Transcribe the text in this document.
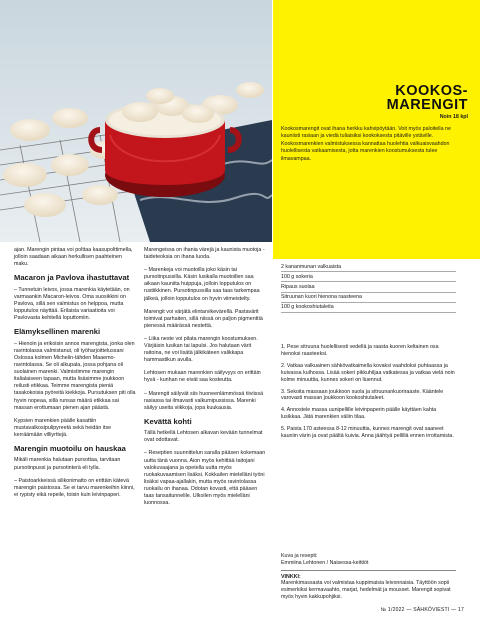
KOOKOS-
MARENGIT
Noin 18 kpl
Kookosmarengit ovat ihana herkku kahvipöytään. Voit myös paloitella ne kauniisti rasiaan ja viedä tuliaisiksi kookoksesta pitäville ystäville. Kookosmarenkien valmistuksessa kannattaa huolehtia valkuaisvaahdon huolellisesta vatkaamisesta, jotta marenkien koostumuksesta tulee ilmavampaa.
2 kananmunan valkuaista
100 g sokeria
Ripaus suolaa
Sitruunan kuori hienona raasteena
100 g kookoshiutaleita
1. Pese sitruuna huolellisesti vedellä ja raasta kuoren keltainen osa hienoksi raasteeksi.
2. Vatkaa valkuainen sähkövatkaimella kovaksi vaahdoksi puhtaassa ja kuivassa kulhossa. Lisää sokeri pikkuhiljaa vatkatessa ja vatkaa vielä noin kolme minuuttia, kunnes sokeri on liuennut.
3. Sekoita massaan joukkoon suola ja sitruunankuoriraaste. Kääntele varovasti massan joukkoon kookoshiutaleet.
4. Annostele massa uunipellille leivinpaperin päälle käyttäen kahta lusikkaa. Jätä marenkien väliin tilaa.
5. Paista 170 asteessa 8-12 minuuttia, kunnes marengit ovat saaneet kauniin värin ja ovat päältä kuivia. Anna jäähtyä pellillä ennen irrottamista.
Kuva ja resepti:
Emmiina Lehtonen / Naisessa-keittiöt
VINKKI:
Marenkimassasta voi valmistaa kuppimaisia leivonnaisia. Täyttöön sopii esimerkiksi kermavaahto, marjat, hedelmät ja mousset. Marengit sopivat myös hyvin kakkupohjiksi.

ajan. Marengin pintaa voi polttaa kaasupolttimella, jolloin saadaan aikaan herkullisen paahteinen maku.

Macaron ja Pavlova ihastuttavat

– Tunnetuin leivos, jossa marenkia käytetään, on varmaankin Macaron-leivos. Oma suosikkini on Pavlova, sillä sen valmistus on helppoa, mutta lopputulos näyttää. Erilaisia variaatioita voi Pavlovasta kehitellä loputtomiin.

Elämyksellinen marenki

– Hienoin ja erikoisin annos marengista, jonka olen ravintolassa valmistanut, oli työharjoittelussani Oslossa kolmen Michelin-tähden Maaemo-ravintolassa. Se oli alkupala, jossa pohjana oli suolainen marenki. Valmistimme marengin italialaiseen tapaan, mutta lisäsimme joukkoon reilusti etikkaa. Teimme marengista pieniä tasakokoisia pyöreitä kiekkoja. Pursutuksen piti olla hyvin nopeaa, sillä runsas määrä etikkaa sai massan erottumaan pienen ajan päästä.

Kypsien marenkien päälle kasattiin mustavalkosipulipyreetä sekä heidän itse kerräämään villiyrttejä.

Marengin muotoilu on hauskaa

Mikäli marenkia halutaan pursottaa, tarvitaan pursotinpussi ja pursotinterä eli tylla.

– Paistoarkkeissä silikonimatto on erittäin kätevä marengin paistossa. Se ei tarvu marenkeihin kiinni, ei rypisty eikä repeile, toisin kuin leivinpaperi.

Marengeissa on ihania värejä ja kaunista muotoja - taideteoksia on ihana luoda.

– Marenkeja voi muotoilla joko käsin tai pursotinpussilla. Käsin lusikalla muotoillen saa aikaan kauniita huippuja, jolloin lopputulos on rustiikkinen. Pursotinpussilla saa taas tarkempaa jälkeä, jolloin lopputulos on hyvin viimeistelty.

Marengit voi värjätä elintarvikevärellä. Pastavärit toimivat parhaiten, sillä niissä on paljon pigmenttiä pienessä määrässä nestettä.

– Liika neste voi pilata marengin koostumuksen. Värjäisin lusikan tai lapulsi. Jos halutaan värit raitoina, ne voi lisätä jälkikäteen valikkapa hammastikun avulla.

Lehtosen mukaan marenkien säilyvyys on erittäin hyvä - kunhan ne eivät saa kosteutta.

– Marengit säilyvät siis huoneenlämmössä tiiviissä rasiassa tai ilmavasti valkumipussissa. Marenki säilyy useita viikkoja, jopa kuukausia.

Kevättä kohti

Tällä hetkellä Lehtosen alkavan kevään tunnelmat ovat odottavat.

– Reseptien suunnittelun saralla pääsen kokemaan uutta tänä vuonna. Aion myös kehittää taitojani valokuvaajana ja opetella uutta myös ruokakuvaamisen lisäksi. Kokkailen mielelläni työni lisäksi vapaa-ajallakin, mutta myös ravintolassa ruokailu on ihanaa. Odotan kovasti, että pääsen taas tansaitunnelile. Ulkoilen myös mielelläni luonnossa.

№ 1/2022 — SÄHKÖVIESTI — 17
